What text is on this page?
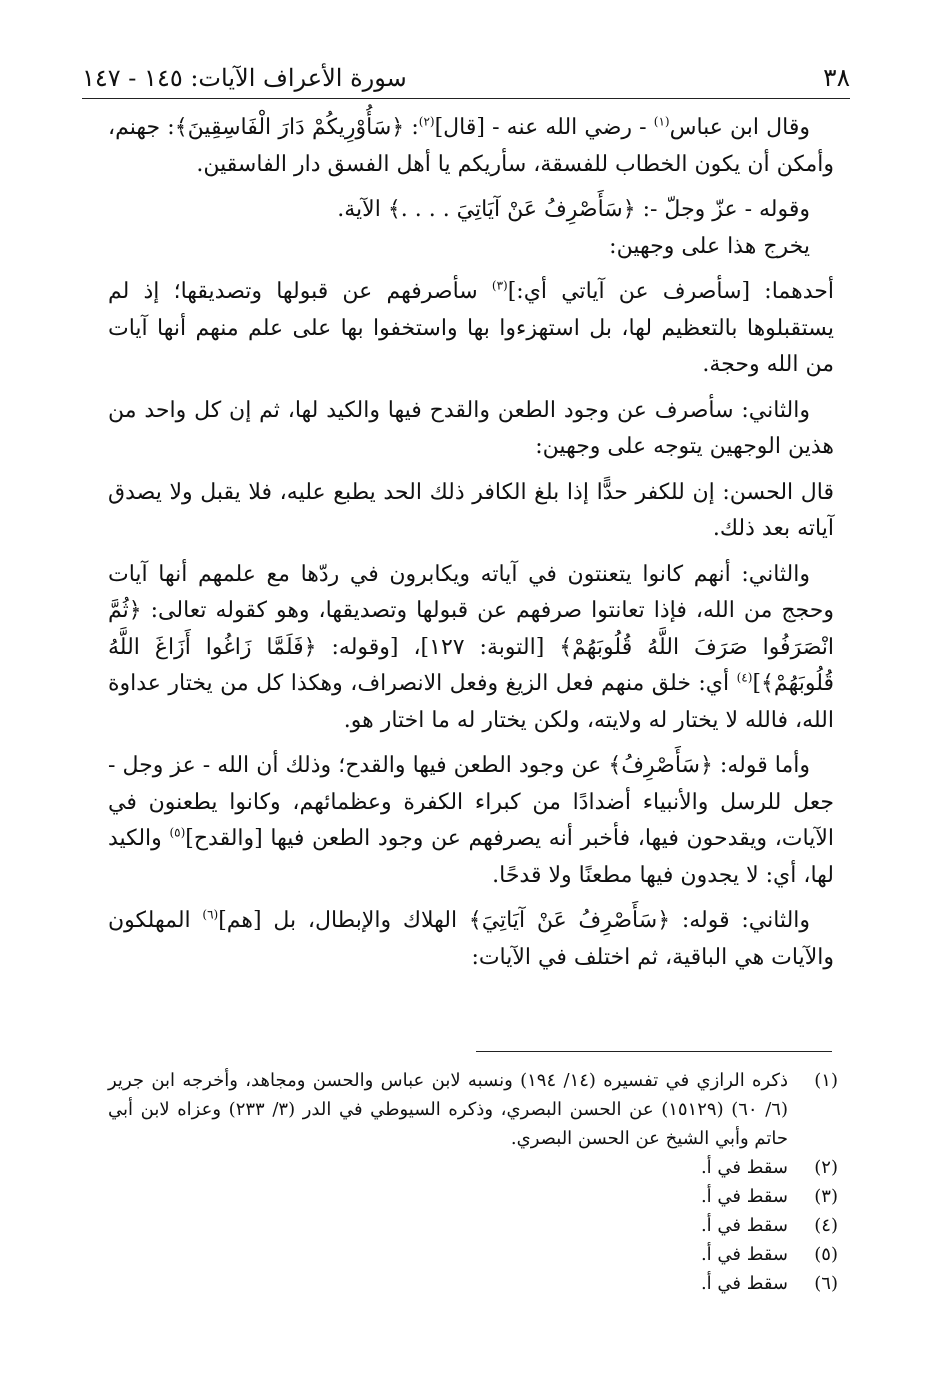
٣٨
سورة الأعراف الآيات: ١٤٥ - ١٤٧

وقال ابن عباس$^{(١)}$ - رضي الله عنه - [قال]$^{(٢)}$: ﴿سَأُوْرِيكُمْ دَارَ الْفَاسِقِينَ﴾: جهنم، وأمكن أن يكون الخطاب للفسقة، سأريكم يا أهل الفسق دار الفاسقين.

وقوله - عزّ وجلّ -: ﴿سَأَصْرِفُ عَنْ آيَاتِيَ . . . .﴾ الآية.

يخرج هذا على وجهين:

أحدهما: [سأصرف عن آياتي أي:]$^{(٣)}$ سأصرفهم عن قبولها وتصديقها؛ إذ لم يستقبلوها بالتعظيم لها، بل استهزءوا بها واستخفوا بها على علم منهم أنها آيات من الله وحجة.

والثاني: سأصرف عن وجود الطعن والقدح فيها والكيد لها، ثم إن كل واحد من هذين الوجهين يتوجه على وجهين:

قال الحسن: إن للكفر حدًّا إذا بلغ الكافر ذلك الحد يطبع عليه، فلا يقبل ولا يصدق آياته بعد ذلك.

والثاني: أنهم كانوا يتعنتون في آياته ويكابرون في ردّها مع علمهم أنها آيات وحجج من الله، فإذا تعانتوا صرفهم عن قبولها وتصديقها، وهو كقوله تعالى: ﴿ثُمَّ انْصَرَفُوا صَرَفَ اللَّهُ قُلُوبَهُمْ﴾ [التوبة: ١٢٧]، [وقوله: ﴿فَلَمَّا زَاغُوا أَزَاغَ اللَّهُ قُلُوبَهُمْ﴾]$^{(٤)}$ أي: خلق منهم فعل الزيغ وفعل الانصراف، وهكذا كل من يختار عداوة الله، فالله لا يختار له ولايته، ولكن يختار له ما اختار هو.

وأما قوله: ﴿سَأَصْرِفُ﴾ عن وجود الطعن فيها والقدح؛ وذلك أن الله - عز وجل - جعل للرسل والأنبياء أضدادًا من كبراء الكفرة وعظمائهم، وكانوا يطعنون في الآيات، ويقدحون فيها، فأخبر أنه يصرفهم عن وجود الطعن فيها [والقدح]$^{(٥)}$ والكيد لها، أي: لا يجدون فيها مطعنًا ولا قدحًا.

والثاني: قوله: ﴿سَأَصْرِفُ عَنْ آيَاتِيَ﴾ الهلاك والإبطال، بل [هم]$^{(٦)}$ المهلكون والآيات هي الباقية، ثم اختلف في الآيات:

(١)
ذكره الرازي في تفسيره (١٤/ ١٩٤) ونسبه لابن عباس والحسن ومجاهد، وأخرجه ابن جرير (٦/ ٦٠) (١٥١٢٩) عن الحسن البصري، وذكره السيوطي في الدر (٣/ ٢٣٣) وعزاه لابن أبي حاتم وأبي الشيخ عن الحسن البصري.
(٢)
سقط في أ.
(٣)
سقط في أ.
(٤)
سقط في أ.
(٥)
سقط في أ.
(٦)
سقط في أ.
